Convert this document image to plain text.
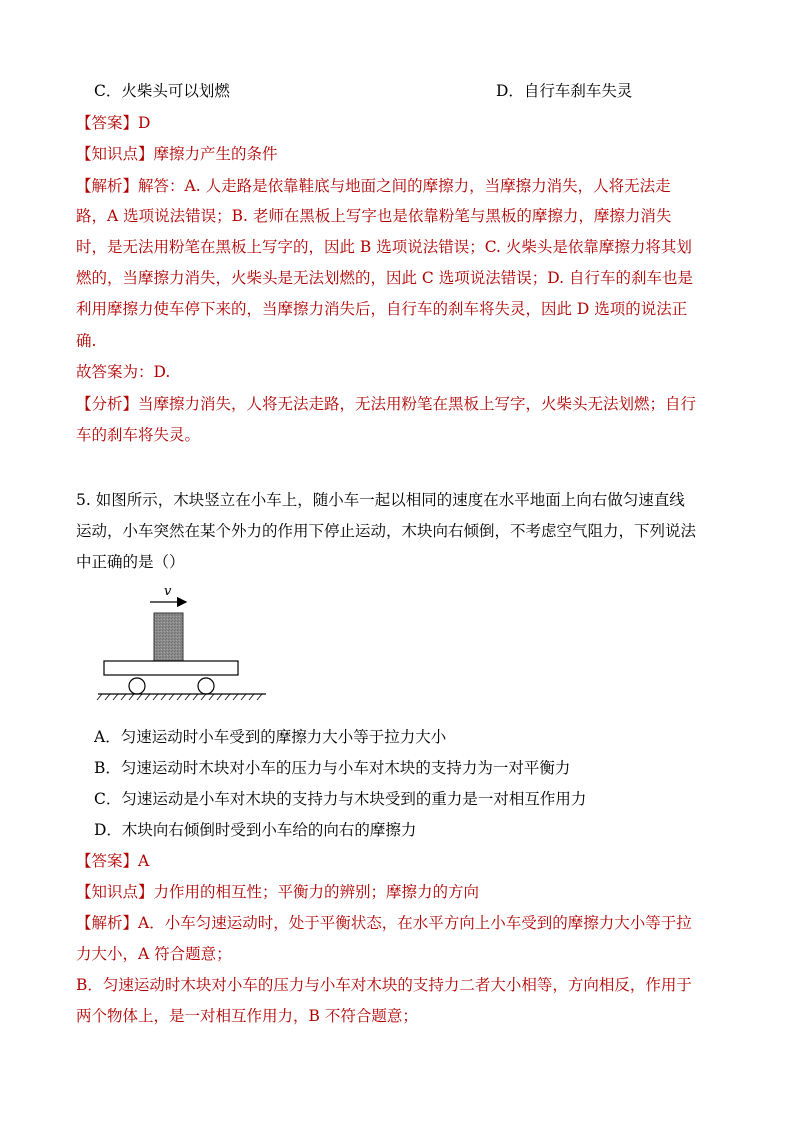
C．火柴头可以划燃	D．自行车刹车失灵
【答案】D
【知识点】摩擦力产生的条件
【解析】解答：A. 人走路是依靠鞋底与地面之间的摩擦力，当摩擦力消失，人将无法走
路，A 选项说法错误；B. 老师在黑板上写字也是依靠粉笔与黑板的摩擦力，摩擦力消失
时，是无法用粉笔在黑板上写字的，因此 B 选项说法错误；C. 火柴头是依靠摩擦力将其划
燃的，当摩擦力消失，火柴头是无法划燃的，因此 C 选项说法错误；D. 自行车的刹车也是
利用摩擦力使车停下来的，当摩擦力消失后，自行车的刹车将失灵，因此 D 选项的说法正
确.
故答案为：D.
【分析】当摩擦力消失，人将无法走路，无法用粉笔在黑板上写字，火柴头无法划燃；自行
车的刹车将失灵。
5. 如图所示，木块竖立在小车上，随小车一起以相同的速度在水平地面上向右做匀速直线
运动，小车突然在某个外力的作用下停止运动，木块向右倾倒，不考虑空气阻力，下列说法
中正确的是（）
v
A．匀速运动时小车受到的摩擦力大小等于拉力大小
B．匀速运动时木块对小车的压力与小车对木块的支持力为一对平衡力
C．匀速运动是小车对木块的支持力与木块受到的重力是一对相互作用力
D．木块向右倾倒时受到小车给的向右的摩擦力
【答案】A
【知识点】力作用的相互性；平衡力的辨别；摩擦力的方向
【解析】A．小车匀速运动时，处于平衡状态，在水平方向上小车受到的摩擦力大小等于拉
力大小，A 符合题意；
B．匀速运动时木块对小车的压力与小车对木块的支持力二者大小相等，方向相反，作用于
两个物体上，是一对相互作用力，B 不符合题意；
